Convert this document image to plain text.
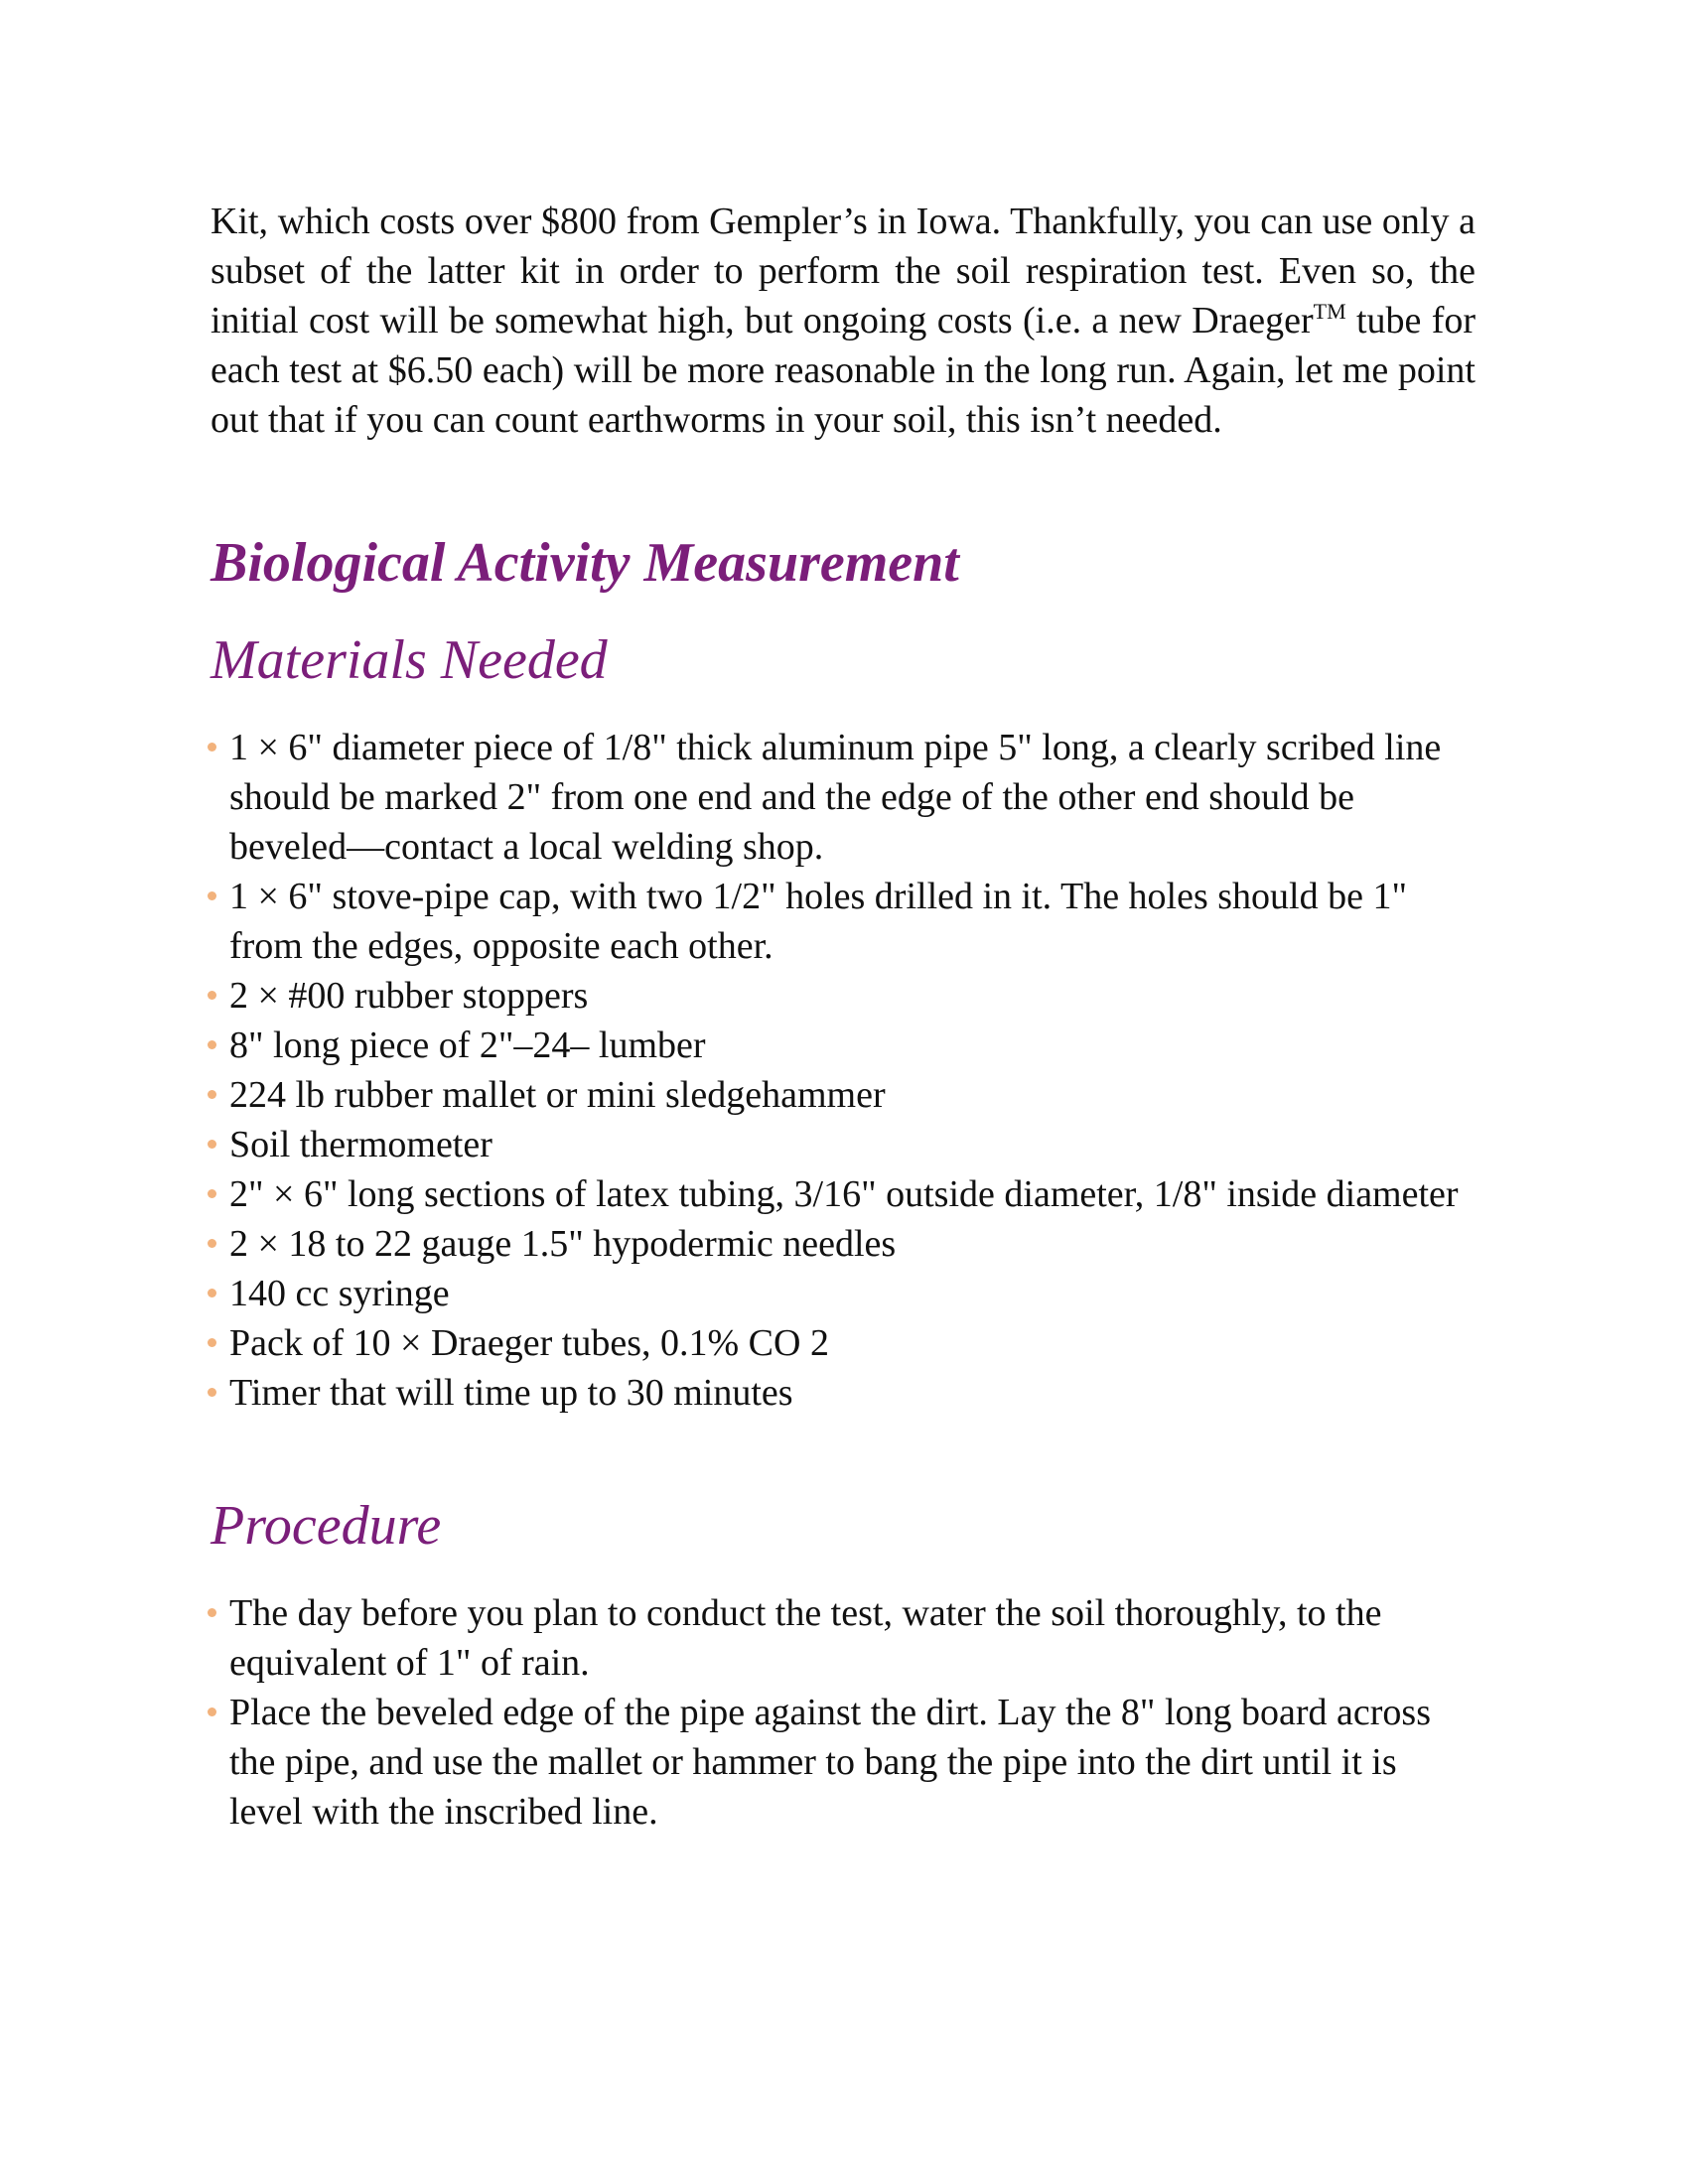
Kit, which costs over $800 from Gempler’s in Iowa. Thankfully, you can use only a subset of the latter kit in order to perform the soil respiration test. Even so, the initial cost will be somewhat high, but ongoing costs (i.e. a new Draeger™ tube for each test at $6.50 each) will be more reasonable in the long run. Again, let me point out that if you can count earthworms in your soil, this isn’t needed.

Biological Activity Measurement
Materials Needed
1 × 6" diameter piece of 1/8" thick aluminum pipe 5" long, a clearly scribed line should be marked 2" from one end and the edge of the other end should be beveled—contact a local welding shop.
1 × 6" stove-pipe cap, with two 1/2" holes drilled in it. The holes should be 1" from the edges, opposite each other.
2 × #00 rubber stoppers
8" long piece of 2"–24– lumber
224 lb rubber mallet or mini sledgehammer
Soil thermometer
2" × 6" long sections of latex tubing, 3/16" outside diameter, 1/8" inside diameter
2 × 18 to 22 gauge 1.5" hypodermic needles
140 cc syringe
Pack of 10 × Draeger tubes, 0.1% CO 2
Timer that will time up to 30 minutes
Procedure
The day before you plan to conduct the test, water the soil thoroughly, to the equivalent of 1" of rain.
Place the beveled edge of the pipe against the dirt. Lay the 8" long board across the pipe, and use the mallet or hammer to bang the pipe into the dirt until it is level with the inscribed line.
